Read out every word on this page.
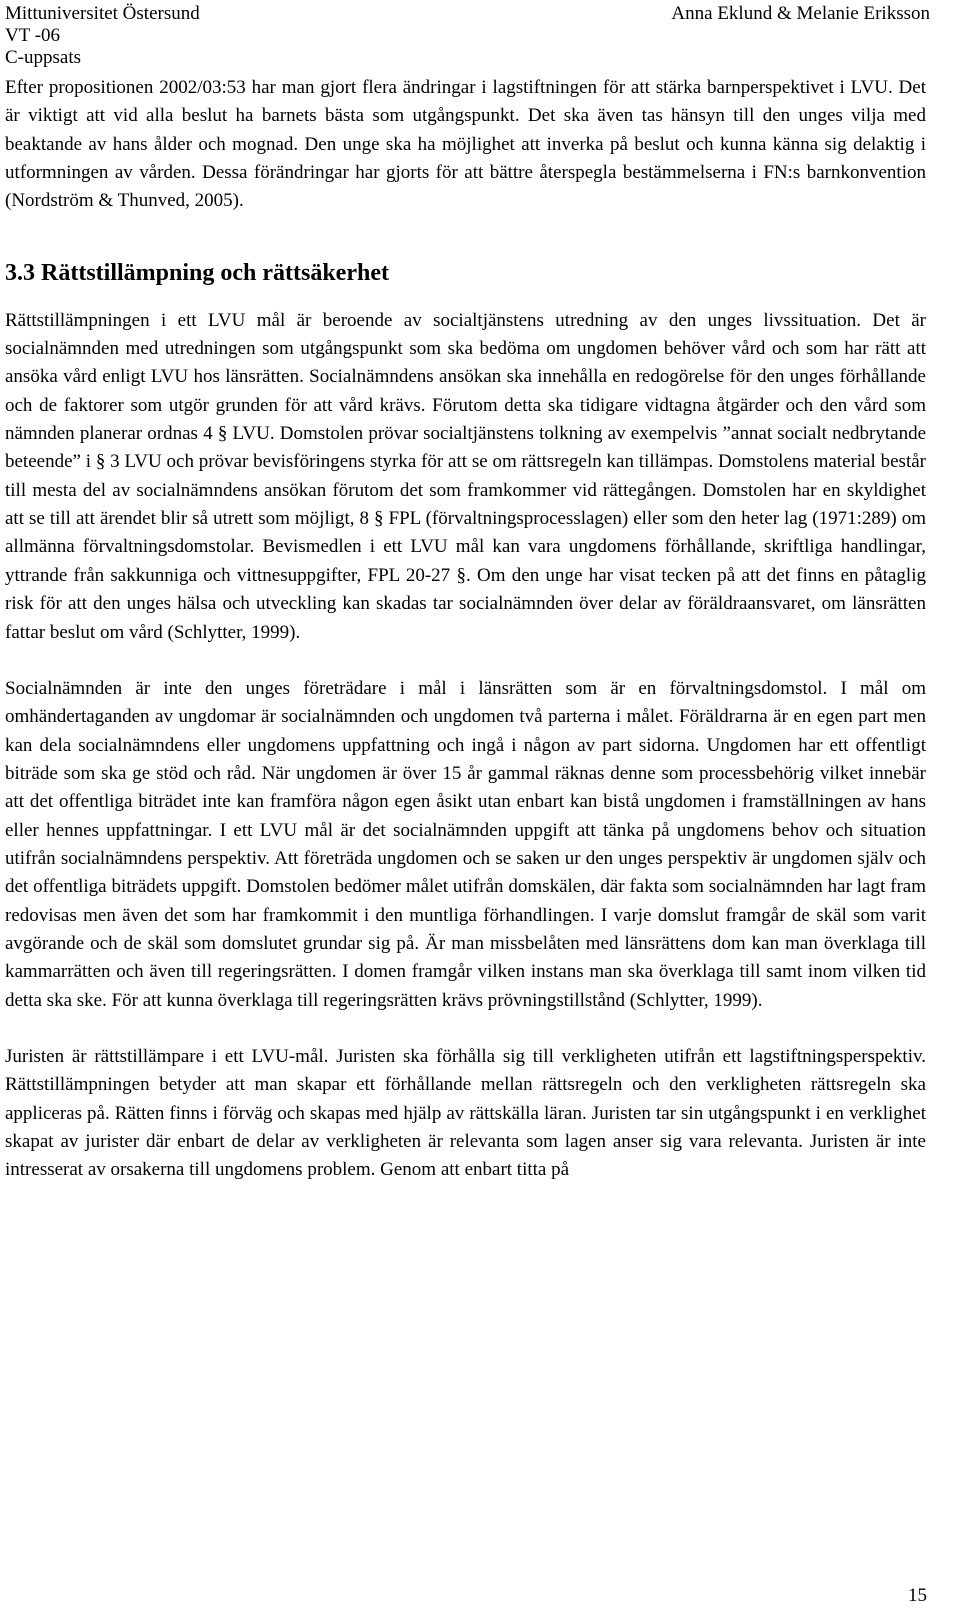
Mittuniversitet Östersund
VT -06
C-uppsats
Anna Eklund & Melanie Eriksson

Efter propositionen 2002/03:53 har man gjort flera ändringar i lagstiftningen för att stärka barnperspektivet i LVU. Det är viktigt att vid alla beslut ha barnets bästa som utgångspunkt. Det ska även tas hänsyn till den unges vilja med beaktande av hans ålder och mognad. Den unge ska ha möjlighet att inverka på beslut och kunna känna sig delaktig i utformningen av vården. Dessa förändringar har gjorts för att bättre återspegla bestämmelserna i FN:s barnkonvention (Nordström & Thunved, 2005).

3.3 Rättstillämpning och rättsäkerhet

Rättstillämpningen i ett LVU mål är beroende av socialtjänstens utredning av den unges livssituation. Det är socialnämnden med utredningen som utgångspunkt som ska bedöma om ungdomen behöver vård och som har rätt att ansöka vård enligt LVU hos länsrätten. Socialnämndens ansökan ska innehålla en redogörelse för den unges förhållande och de faktorer som utgör grunden för att vård krävs. Förutom detta ska tidigare vidtagna åtgärder och den vård som nämnden planerar ordnas 4 § LVU. Domstolen prövar socialtjänstens tolkning av exempelvis ”annat socialt nedbrytande beteende” i § 3 LVU och prövar bevisföringens styrka för att se om rättsregeln kan tillämpas. Domstolens material består till mesta del av socialnämndens ansökan förutom det som framkommer vid rättegången. Domstolen har en skyldighet att se till att ärendet blir så utrett som möjligt, 8 § FPL (förvaltningsprocesslagen) eller som den heter lag (1971:289) om allmänna förvaltningsdomstolar. Bevismedlen i ett LVU mål kan vara ungdomens förhållande, skriftliga handlingar, yttrande från sakkunniga och vittnesuppgifter, FPL 20-27 §. Om den unge har visat tecken på att det finns en påtaglig risk för att den unges hälsa och utveckling kan skadas tar socialnämnden över delar av föräldraansvaret, om länsrätten fattar beslut om vård (Schlytter, 1999).

Socialnämnden är inte den unges företrädare i mål i länsrätten som är en förvaltningsdomstol. I mål om omhändertaganden av ungdomar är socialnämnden och ungdomen två parterna i målet. Föräldrarna är en egen part men kan dela socialnämndens eller ungdomens uppfattning och ingå i någon av part sidorna. Ungdomen har ett offentligt biträde som ska ge stöd och råd. När ungdomen är över 15 år gammal räknas denne som processbehörig vilket innebär att det offentliga biträdet inte kan framföra någon egen åsikt utan enbart kan bistå ungdomen i framställningen av hans eller hennes uppfattningar. I ett LVU mål är det socialnämnden uppgift att tänka på ungdomens behov och situation utifrån socialnämndens perspektiv. Att företräda ungdomen och se saken ur den unges perspektiv är ungdomen själv och det offentliga biträdets uppgift. Domstolen bedömer målet utifrån domskälen, där fakta som socialnämnden har lagt fram redovisas men även det som har framkommit i den muntliga förhandlingen. I varje domslut framgår de skäl som varit avgörande och de skäl som domslutet grundar sig på. Är man missbelåten med länsrättens dom kan man överklaga till kammarrätten och även till regeringsrätten. I domen framgår vilken instans man ska överklaga till samt inom vilken tid detta ska ske. För att kunna överklaga till regeringsrätten krävs prövningstillstånd (Schlytter, 1999).

Juristen är rättstillämpare i ett LVU-mål. Juristen ska förhålla sig till verkligheten utifrån ett lagstiftningsperspektiv. Rättstillämpningen betyder att man skapar ett förhållande mellan rättsregeln och den verkligheten rättsregeln ska appliceras på. Rätten finns i förväg och skapas med hjälp av rättskälla läran. Juristen tar sin utgångspunkt i en verklighet skapat av jurister där enbart de delar av verkligheten är relevanta som lagen anser sig vara relevanta. Juristen är inte intresserat av orsakerna till ungdomens problem. Genom att enbart titta på

15
